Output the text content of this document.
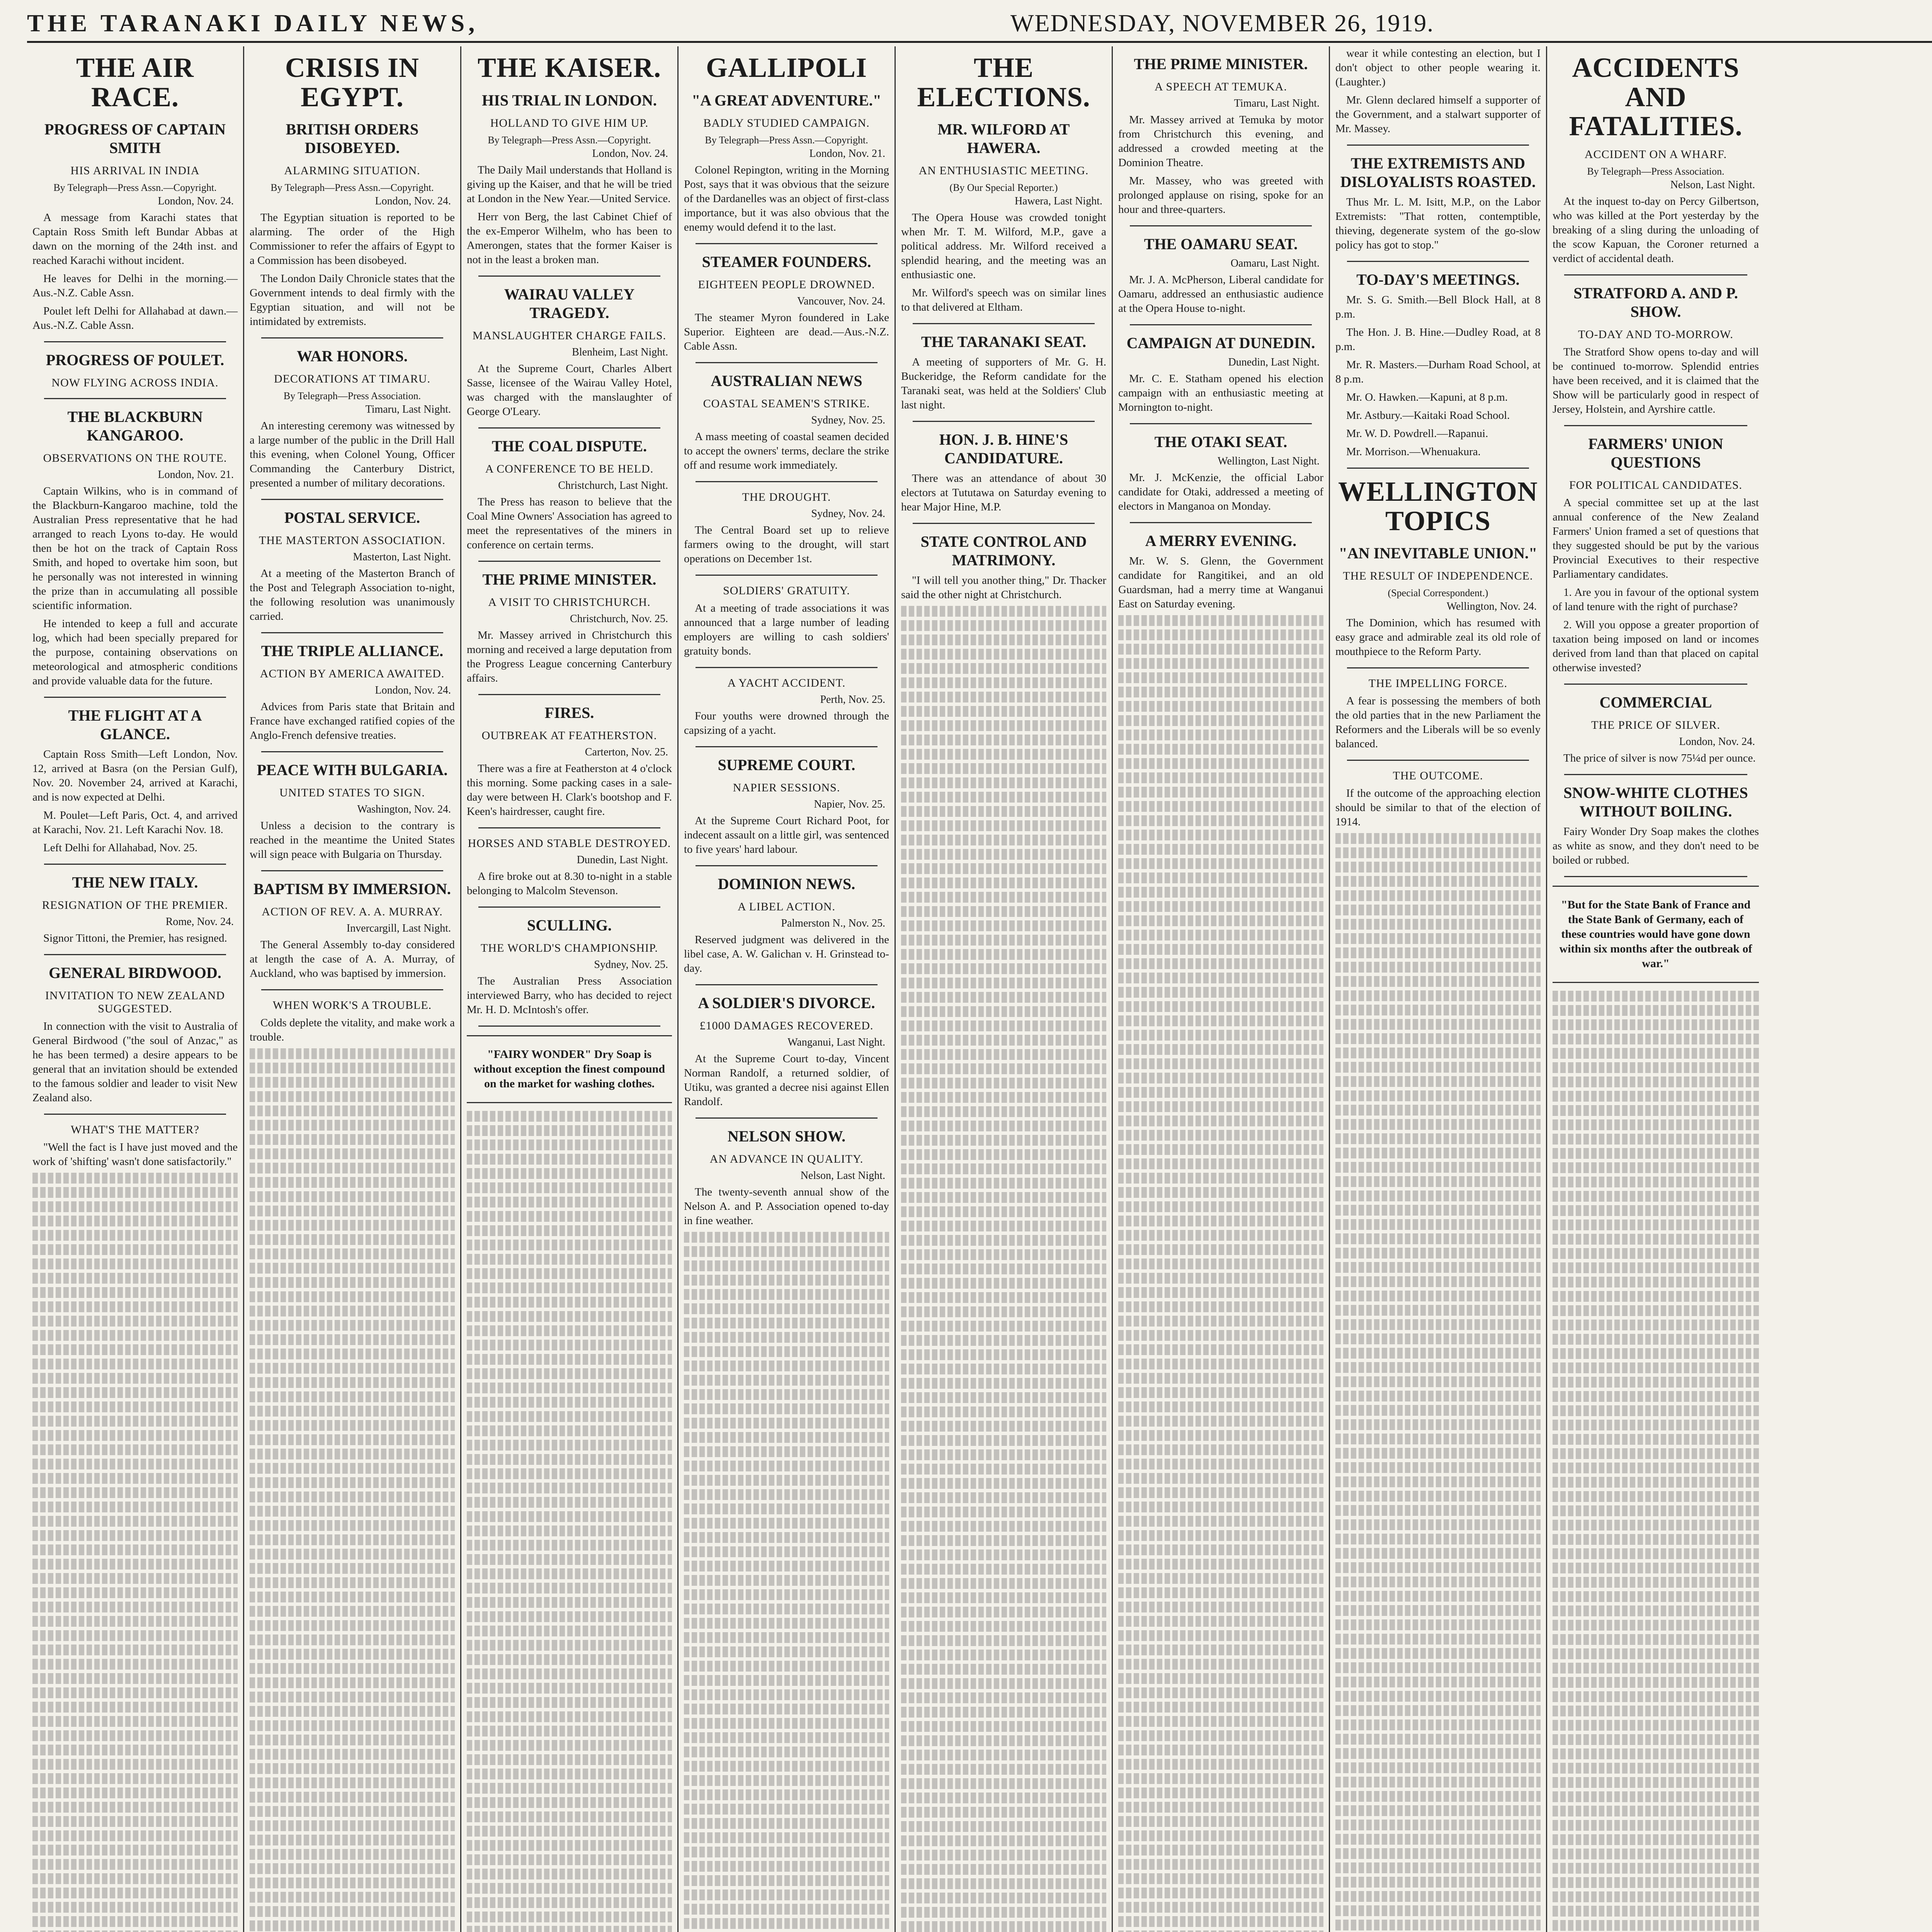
THE TARANAKI DAILY NEWS,	WEDNESDAY, NOVEMBER 26, 1919.
THE AIR RACE.
PROGRESS OF CAPTAIN SMITH
HIS ARRIVAL IN INDIA
By Telegraph—Press Assn.—Copyright.
London, Nov. 24.

A message from Karachi states that Captain Ross Smith left Bundar Abbas at dawn on the morning of the 24th inst. and reached Karachi without incident.

He leaves for Delhi in the morning.—Aus.-N.Z. Cable Assn.

Poulet left Delhi for Allahabad at dawn.—Aus.-N.Z. Cable Assn.

PROGRESS OF POULET.
NOW FLYING ACROSS INDIA.
THE BLACKBURN KANGAROO.
OBSERVATIONS ON THE ROUTE.
London, Nov. 21.

Captain Wilkins, who is in command of the Blackburn-Kangaroo machine, told the Australian Press representative that he had arranged to reach Lyons to-day. He would then be hot on the track of Captain Ross Smith, and hoped to overtake him soon, but he personally was not interested in winning the prize than in accumulating all possible scientific information.

He intended to keep a full and accurate log, which had been specially prepared for the purpose, containing observations on meteorological and atmospheric conditions and provide valuable data for the future.

THE FLIGHT AT A GLANCE.

Captain Ross Smith—Left London, Nov. 12, arrived at Basra (on the Persian Gulf), Nov. 20. November 24, arrived at Karachi, and is now expected at Delhi.

M. Poulet—Left Paris, Oct. 4, and arrived at Karachi, Nov. 21. Left Karachi Nov. 18.

Left Delhi for Allahabad, Nov. 25.

THE NEW ITALY.
RESIGNATION OF THE PREMIER.
Rome, Nov. 24.

Signor Tittoni, the Premier, has resigned.

GENERAL BIRDWOOD.
INVITATION TO NEW ZEALAND SUGGESTED.

In connection with the visit to Australia of General Birdwood ("the soul of Anzac," as he has been termed) a desire appears to be general that an invitation should be extended to the famous soldier and leader to visit New Zealand also.

WHAT'S THE MATTER?

"Well the fact is I have just moved and the work of 'shifting' wasn't done satisfactorily."

CRISIS IN EGYPT.
BRITISH ORDERS DISOBEYED.
ALARMING SITUATION.
By Telegraph—Press Assn.—Copyright.
London, Nov. 24.

The Egyptian situation is reported to be alarming. The order of the High Commissioner to refer the affairs of Egypt to a Commission has been disobeyed.

The London Daily Chronicle states that the Government intends to deal firmly with the Egyptian situation, and will not be intimidated by extremists.

WAR HONORS.
DECORATIONS AT TIMARU.
By Telegraph—Press Association.
Timaru, Last Night.

An interesting ceremony was witnessed by a large number of the public in the Drill Hall this evening, when Colonel Young, Officer Commanding the Canterbury District, presented a number of military decorations.

POSTAL SERVICE.
THE MASTERTON ASSOCIATION.
Masterton, Last Night.

At a meeting of the Masterton Branch of the Post and Telegraph Association to-night, the following resolution was unanimously carried.

THE TRIPLE ALLIANCE.
ACTION BY AMERICA AWAITED.
London, Nov. 24.

Advices from Paris state that Britain and France have exchanged ratified copies of the Anglo-French defensive treaties.

PEACE WITH BULGARIA.
UNITED STATES TO SIGN.
Washington, Nov. 24.

Unless a decision to the contrary is reached in the meantime the United States will sign peace with Bulgaria on Thursday.

BAPTISM BY IMMERSION.
ACTION OF REV. A. A. MURRAY.
Invercargill, Last Night.

The General Assembly to-day considered at length the case of A. A. Murray, of Auckland, who was baptised by immersion.

WHEN WORK'S A TROUBLE.

Colds deplete the vitality, and make work a trouble.

THE KAISER.
HIS TRIAL IN LONDON.
HOLLAND TO GIVE HIM UP.
By Telegraph—Press Assn.—Copyright.
London, Nov. 24.

The Daily Mail understands that Holland is giving up the Kaiser, and that he will be tried at London in the New Year.—United Service.

Herr von Berg, the last Cabinet Chief of the ex-Emperor Wilhelm, who has been to Amerongen, states that the former Kaiser is not in the least a broken man.

WAIRAU VALLEY TRAGEDY.
MANSLAUGHTER CHARGE FAILS.
Blenheim, Last Night.

At the Supreme Court, Charles Albert Sasse, licensee of the Wairau Valley Hotel, was charged with the manslaughter of George O'Leary.

THE COAL DISPUTE.
A CONFERENCE TO BE HELD.
Christchurch, Last Night.

The Press has reason to believe that the Coal Mine Owners' Association has agreed to meet the representatives of the miners in conference on certain terms.

THE PRIME MINISTER.
A VISIT TO CHRISTCHURCH.
Christchurch, Nov. 25.

Mr. Massey arrived in Christchurch this morning and received a large deputation from the Progress League concerning Canterbury affairs.

FIRES.
OUTBREAK AT FEATHERSTON.
Carterton, Nov. 25.

There was a fire at Featherston at 4 o'clock this morning. Some packing cases in a sale-day were between H. Clark's bootshop and F. Keen's hairdresser, caught fire.

HORSES AND STABLE DESTROYED.
Dunedin, Last Night.

A fire broke out at 8.30 to-night in a stable belonging to Malcolm Stevenson.

SCULLING.
THE WORLD'S CHAMPIONSHIP.
Sydney, Nov. 25.

The Australian Press Association interviewed Barry, who has decided to reject Mr. H. D. McIntosh's offer.

"FAIRY WONDER" Dry Soap is without exception the finest compound on the market for washing clothes.
GALLIPOLI
"A GREAT ADVENTURE."
BADLY STUDIED CAMPAIGN.
By Telegraph—Press Assn.—Copyright.
London, Nov. 21.

Colonel Repington, writing in the Morning Post, says that it was obvious that the seizure of the Dardanelles was an object of first-class importance, but it was also obvious that the enemy would defend it to the last.

STEAMER FOUNDERS.
EIGHTEEN PEOPLE DROWNED.
Vancouver, Nov. 24.

The steamer Myron foundered in Lake Superior. Eighteen are dead.—Aus.-N.Z. Cable Assn.

AUSTRALIAN NEWS
COASTAL SEAMEN'S STRIKE.
Sydney, Nov. 25.

A mass meeting of coastal seamen decided to accept the owners' terms, declare the strike off and resume work immediately.

THE DROUGHT.
Sydney, Nov. 24.

The Central Board set up to relieve farmers owing to the drought, will start operations on December 1st.

SOLDIERS' GRATUITY.

At a meeting of trade associations it was announced that a large number of leading employers are willing to cash soldiers' gratuity bonds.

A YACHT ACCIDENT.
Perth, Nov. 25.

Four youths were drowned through the capsizing of a yacht.

SUPREME COURT.
NAPIER SESSIONS.
Napier, Nov. 25.

At the Supreme Court Richard Poot, for indecent assault on a little girl, was sentenced to five years' hard labour.

DOMINION NEWS.
A LIBEL ACTION.
Palmerston N., Nov. 25.

Reserved judgment was delivered in the libel case, A. W. Galichan v. H. Grinstead to-day.

A SOLDIER'S DIVORCE.
£1000 DAMAGES RECOVERED.
Wanganui, Last Night.

At the Supreme Court to-day, Vincent Norman Randolf, a returned soldier, of Utiku, was granted a decree nisi against Ellen Randolf.

NELSON SHOW.
AN ADVANCE IN QUALITY.
Nelson, Last Night.

The twenty-seventh annual show of the Nelson A. and P. Association opened to-day in fine weather.

THE ELECTIONS.
MR. WILFORD AT HAWERA.
AN ENTHUSIASTIC MEETING.
(By Our Special Reporter.)
Hawera, Last Night.

The Opera House was crowded tonight when Mr. T. M. Wilford, M.P., gave a political address. Mr. Wilford received a splendid hearing, and the meeting was an enthusiastic one.

Mr. Wilford's speech was on similar lines to that delivered at Eltham.

THE TARANAKI SEAT.

A meeting of supporters of Mr. G. H. Buckeridge, the Reform candidate for the Taranaki seat, was held at the Soldiers' Club last night.

HON. J. B. HINE'S CANDIDATURE.

There was an attendance of about 30 electors at Tututawa on Saturday evening to hear Major Hine, M.P.

STATE CONTROL AND MATRIMONY.

"I will tell you another thing," Dr. Thacker said the other night at Christchurch.

THE PRIME MINISTER.
A SPEECH AT TEMUKA.
Timaru, Last Night.

Mr. Massey arrived at Temuka by motor from Christchurch this evening, and addressed a crowded meeting at the Dominion Theatre.

Mr. Massey, who was greeted with prolonged applause on rising, spoke for an hour and three-quarters.

THE OAMARU SEAT.
Oamaru, Last Night.

Mr. J. A. McPherson, Liberal candidate for Oamaru, addressed an enthusiastic audience at the Opera House to-night.

CAMPAIGN AT DUNEDIN.
Dunedin, Last Night.

Mr. C. E. Statham opened his election campaign with an enthusiastic meeting at Mornington to-night.

THE OTAKI SEAT.
Wellington, Last Night.

Mr. J. McKenzie, the official Labor candidate for Otaki, addressed a meeting of electors in Manganoa on Monday.

A MERRY EVENING.

Mr. W. S. Glenn, the Government candidate for Rangitikei, and an old Guardsman, had a merry time at Wanganui East on Saturday evening.

wear it while contesting an election, but I don't object to other people wearing it. (Laughter.)

Mr. Glenn declared himself a supporter of the Government, and a stalwart supporter of Mr. Massey.

THE EXTREMISTS AND DISLOYALISTS ROASTED.

Thus Mr. L. M. Isitt, M.P., on the Labor Extremists: "That rotten, contemptible, thieving, degenerate system of the go-slow policy has got to stop."

TO-DAY'S MEETINGS.

Mr. S. G. Smith.—Bell Block Hall, at 8 p.m.

The Hon. J. B. Hine.—Dudley Road, at 8 p.m.

Mr. R. Masters.—Durham Road School, at 8 p.m.

Mr. O. Hawken.—Kapuni, at 8 p.m.

Mr. Astbury.—Kaitaki Road School.

Mr. W. D. Powdrell.—Rapanui.

Mr. Morrison.—Whenuakura.

WELLINGTON TOPICS
"AN INEVITABLE UNION."
THE RESULT OF INDEPENDENCE.
(Special Correspondent.)
Wellington, Nov. 24.

The Dominion, which has resumed with easy grace and admirable zeal its old role of mouthpiece to the Reform Party.

THE IMPELLING FORCE.

A fear is possessing the members of both the old parties that in the new Parliament the Reformers and the Liberals will be so evenly balanced.

THE OUTCOME.

If the outcome of the approaching election should be similar to that of the election of 1914.

ACCIDENTS AND FATALITIES.
ACCIDENT ON A WHARF.
By Telegraph—Press Association.
Nelson, Last Night.

At the inquest to-day on Percy Gilbertson, who was killed at the Port yesterday by the breaking of a sling during the unloading of the scow Kapuan, the Coroner returned a verdict of accidental death.

STRATFORD A. AND P. SHOW.
TO-DAY AND TO-MORROW.

The Stratford Show opens to-day and will be continued to-morrow. Splendid entries have been received, and it is claimed that the Show will be particularly good in respect of Jersey, Holstein, and Ayrshire cattle.

FARMERS' UNION QUESTIONS
FOR POLITICAL CANDIDATES.

A special committee set up at the last annual conference of the New Zealand Farmers' Union framed a set of questions that they suggested should be put by the various Provincial Executives to their respective Parliamentary candidates.

1. Are you in favour of the optional system of land tenure with the right of purchase?

2. Will you oppose a greater proportion of taxation being imposed on land or incomes derived from land than that placed on capital otherwise invested?

COMMERCIAL
THE PRICE OF SILVER.
London, Nov. 24.

The price of silver is now 75¼d per ounce.

SNOW-WHITE CLOTHES WITHOUT BOILING.

Fairy Wonder Dry Soap makes the clothes as white as snow, and they don't need to be boiled or rubbed.

"But for the State Bank of France and the State Bank of Germany, each of these countries would have gone down within six months after the outbreak of war."
